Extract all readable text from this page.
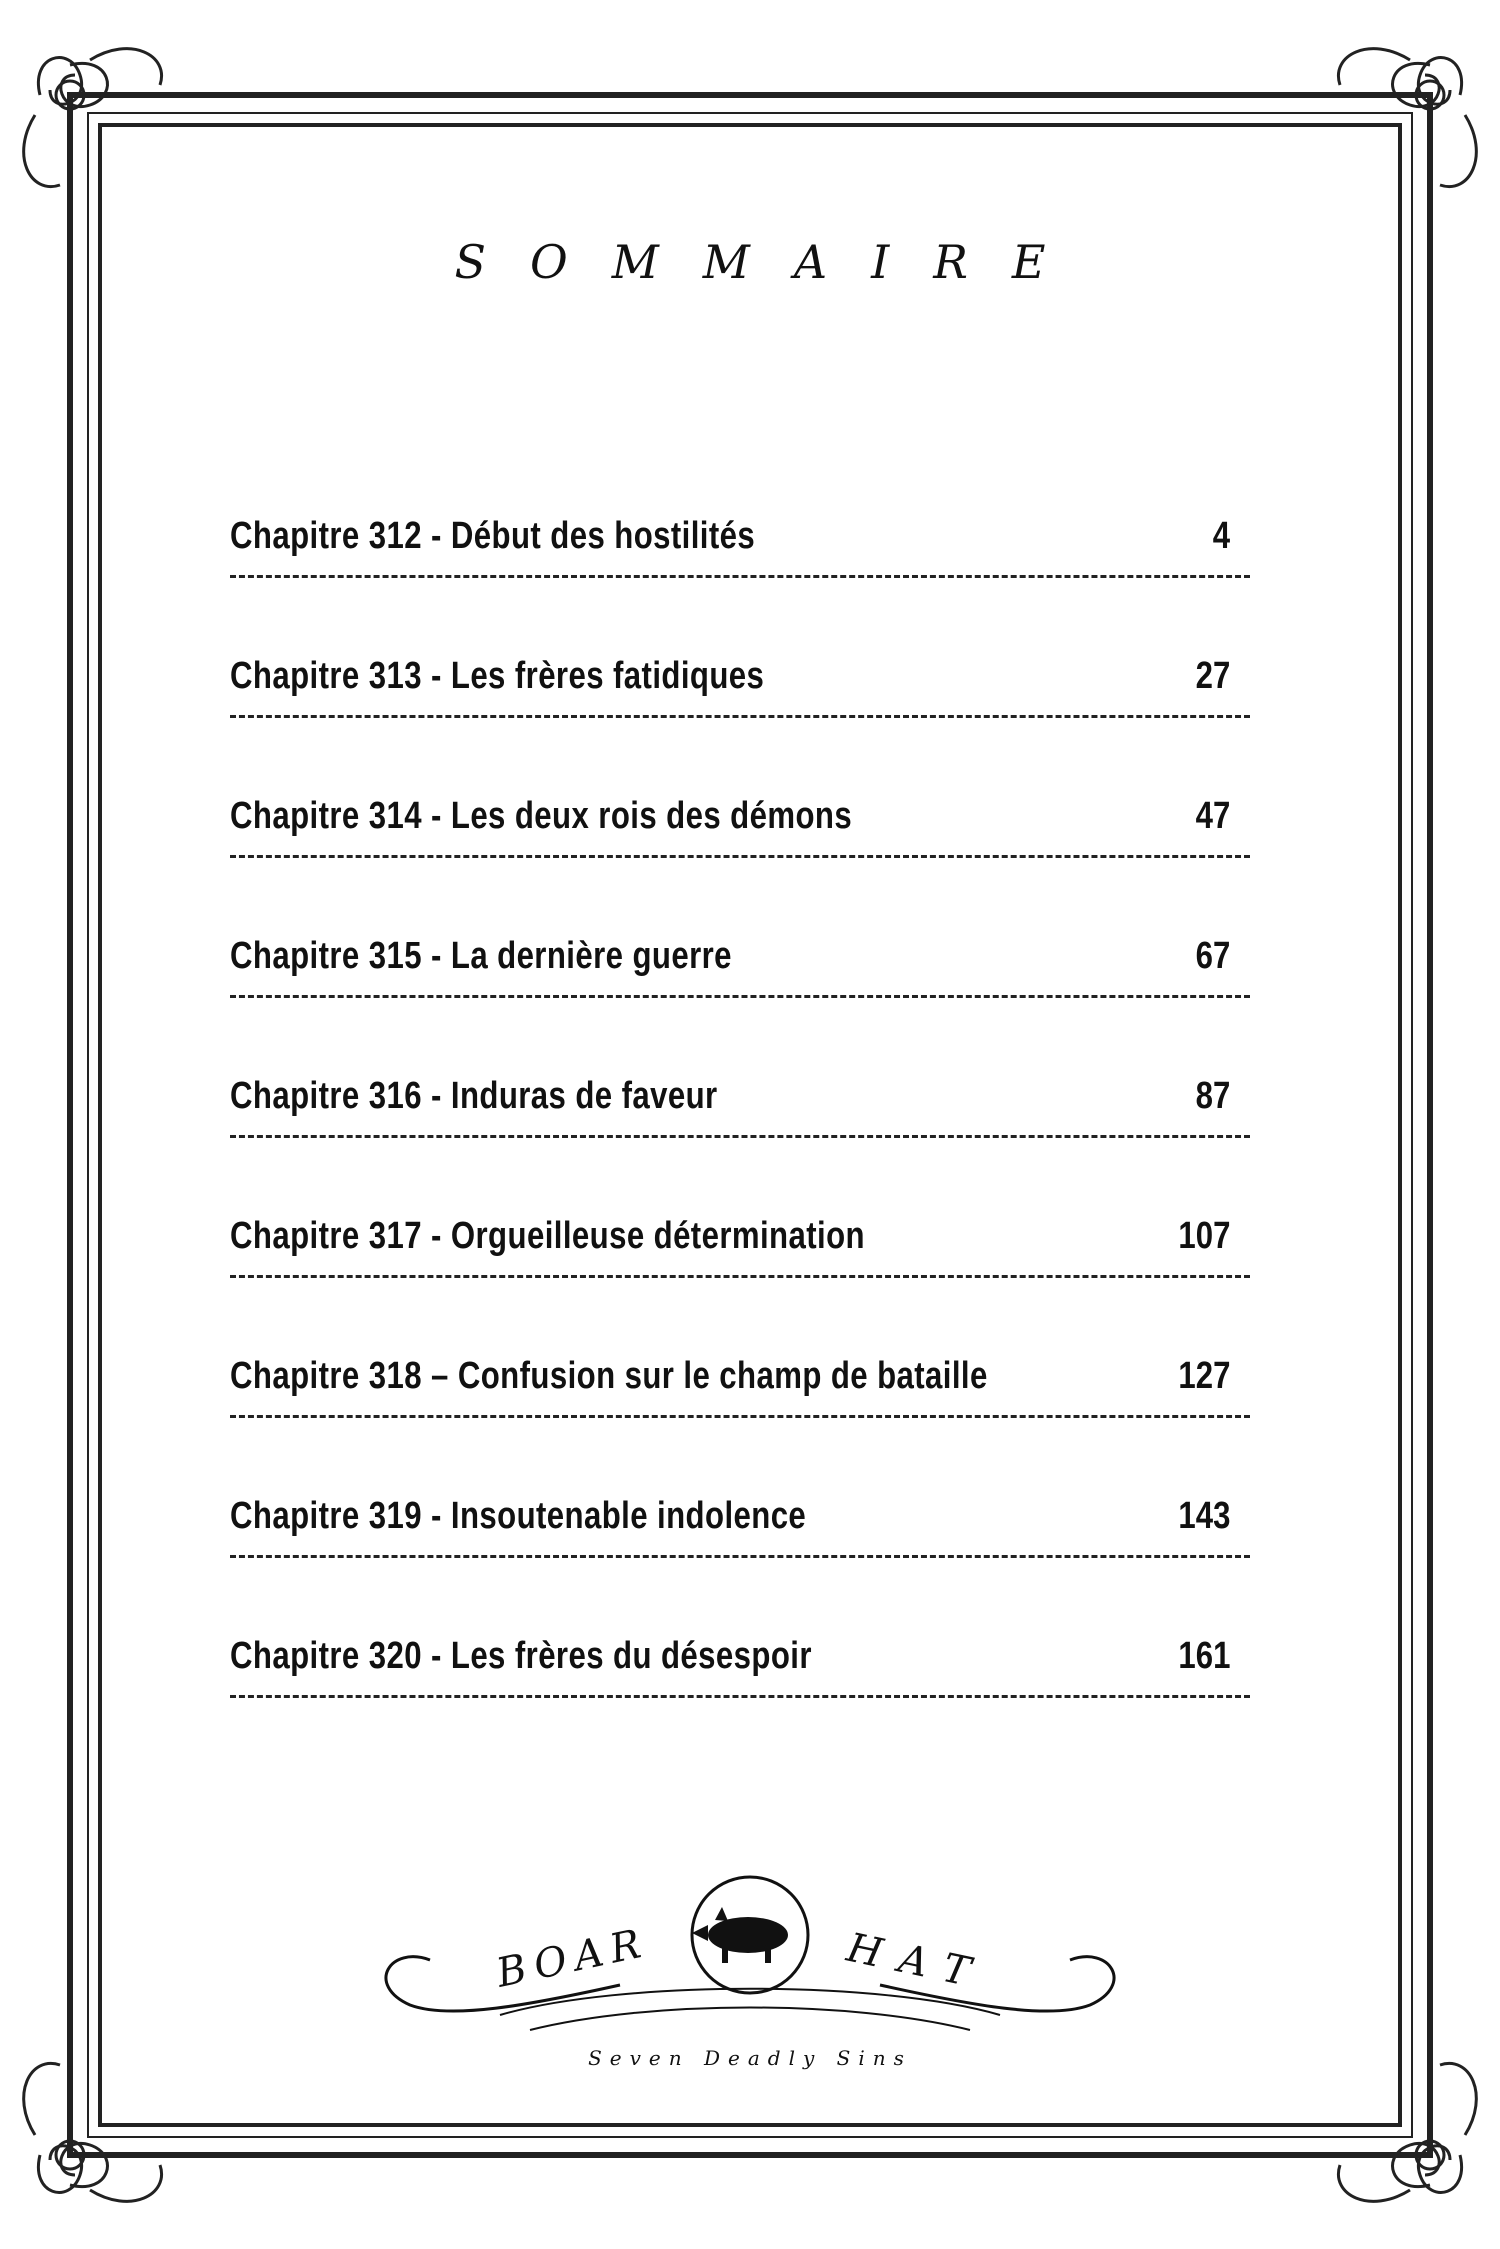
SOMMAIRE
Chapitre 312 - Début des hostilités	4
Chapitre 313 - Les frères fatidiques	27
Chapitre 314 - Les deux rois des démons	47
Chapitre 315 - La dernière guerre	67
Chapitre 316 - Induras de faveur	87
Chapitre 317 - Orgueilleuse détermination	107
Chapitre 318 – Confusion sur le champ de bataille	127
Chapitre 319 - Insoutenable indolence	143
Chapitre 320 - Les frères du désespoir	161
BOAR	HAT
Seven Deadly Sins
